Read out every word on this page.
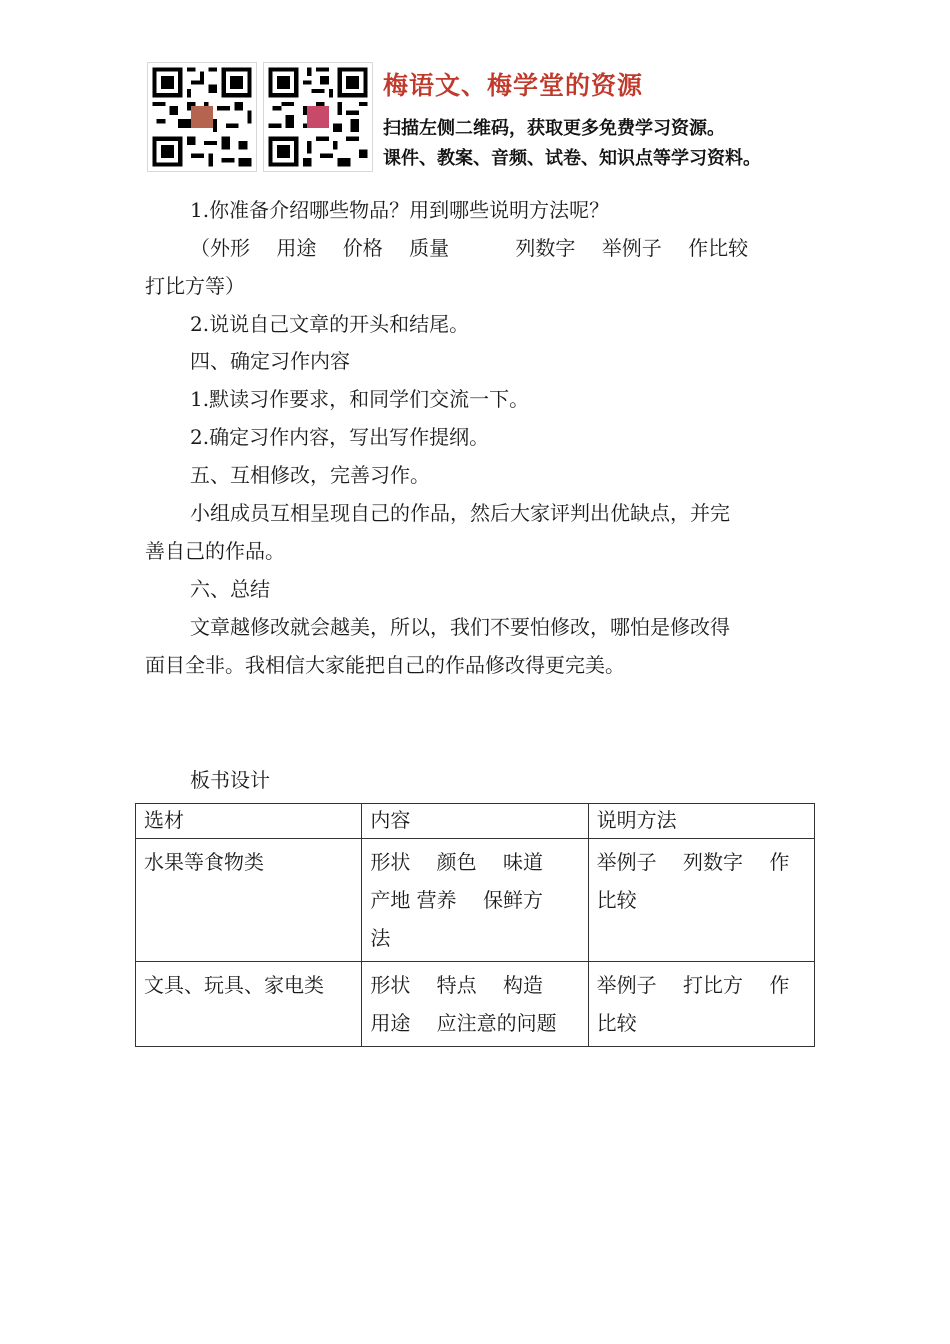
梅语文、梅学堂的资源
扫描左侧二维码，获取更多免费学习资源。
课件、教案、音频、试卷、知识点等学习资料。
1.你准备介绍哪些物品？用到哪些说明方法呢？
（外形　 用途　 价格　 质量　　　 列数字　 举例子　 作比较
打比方等）
2.说说自己文章的开头和结尾。
四、确定习作内容
1.默读习作要求，和同学们交流一下。
2.确定习作内容，写出写作提纲。
五、互相修改，完善习作。
小组成员互相呈现自己的作品，然后大家评判出优缺点，并完
善自己的作品。
六、总结
文章越修改就会越美，所以，我们不要怕修改，哪怕是修改得
面目全非。我相信大家能把自己的作品修改得更完美。
板书设计
选材	内容	说明方法

水果等食物类	形状　 颜色　 味道
产地 营养　 保鲜方
法	举例子　 列数字　 作
比较

文具、玩具、家电类	形状　 特点　 构造
用途　 应注意的问题	举例子　 打比方　 作
比较
